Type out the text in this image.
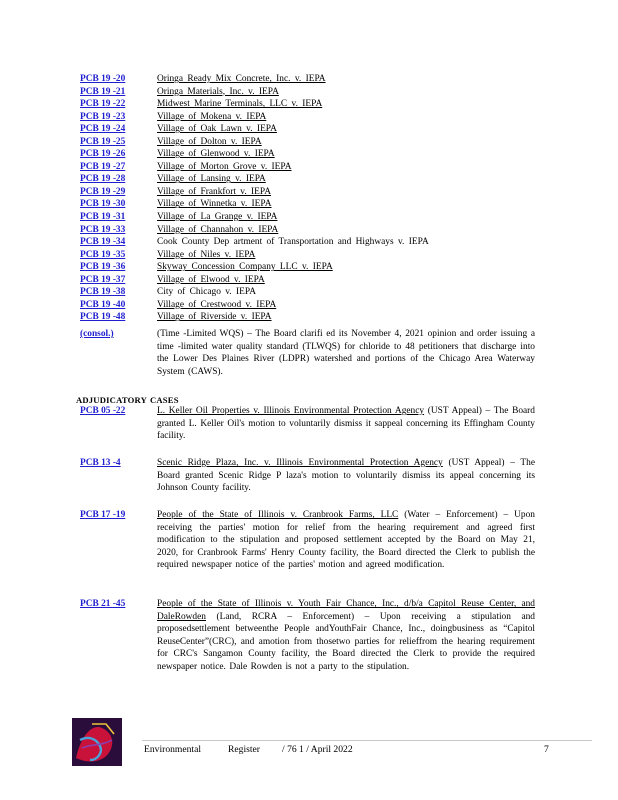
PCB 19 -20	Oringa Ready Mix Concrete, Inc. v. IEPA
PCB 19 -21	Oringa Materials, Inc. v. IEPA
PCB 19 -22	Midwest Marine Terminals, LLC v. IEPA
PCB 19 -23	Village of Mokena v. IEPA
PCB 19 -24	Village of Oak Lawn v. IEPA
PCB 19 -25	Village of Dolton v. IEPA
PCB 19 -26	Village of Glenwood v. IEPA
PCB 19 -27	Village of Morton Grove v. IEPA
PCB 19 -28	Village of Lansing v. IEPA
PCB 19 -29	Village of Frankfort v. IEPA
PCB 19 -30	Village of Winnetka v. IEPA
PCB 19 -31	Village of La Grange v. IEPA
PCB 19 -33	Village of Channahon v. IEPA
PCB 19 -34	Cook County Dep artment of Transportation and Highways v. IEPA
PCB 19 -35	Village of Niles v. IEPA
PCB 19 -36	Skyway Concession Company LLC v. IEPA
PCB 19 -37	Village of Elwood v. IEPA
PCB 19 -38	City of Chicago v. IEPA
PCB 19 -40	Village of Crestwood v. IEPA
PCB 19 -48	Village of Riverside v. IEPA
(consol.)	(Time -Limited WQS) – The Board clarifi ed its November 4, 2021 opinion and order issuing a time -limited water quality standard (TLWQS) for chloride to 48 petitioners that discharge into the Lower Des Plaines River (LDPR) watershed and portions of the Chicago Area Waterway System (CAWS).
ADJUDICATORY CASES
PCB 05 -22	L. Keller Oil Properties v. Illinois Environmental Protection Agency (UST Appeal) – The Board granted L. Keller Oil's motion to voluntarily dismiss it sappeal concerning its Effingham County facility.
PCB 13 -4	Scenic Ridge Plaza, Inc. v. Illinois Environmental Protection Agency (UST Appeal) – The Board granted Scenic Ridge P laza's motion to voluntarily dismiss its appeal concerning its Johnson County facility.
PCB 17 -19	People of the State of Illinois v. Cranbrook Farms, LLC (Water – Enforcement) – Upon receiving the parties' motion for relief from the hearing requirement and agreed first modification to the stipulation and proposed settlement accepted by the Board on May 21, 2020, for Cranbrook Farms' Henry County facility, the Board directed the Clerk to publish the required newspaper notice of the parties' motion and agreed modification.
PCB 21 -45	People of the State of Illinois v. Youth Fair Chance, Inc., d/b/a Capitol Reuse Center, and DaleRowden (Land, RCRA – Enforcement) – Upon receiving a stipulation and proposedsettlement betweenthe People andYouthFair Chance, Inc., doingbusiness as “Capitol ReuseCenter”(CRC), and amotion from thosetwo parties for relieffrom the hearing requirement for CRC's Sangamon County facility, the Board directed the Clerk to provide the required newspaper notice. Dale Rowden is not a party to the stipulation.
Environmental	Register / 76 1 / April 2022	7
